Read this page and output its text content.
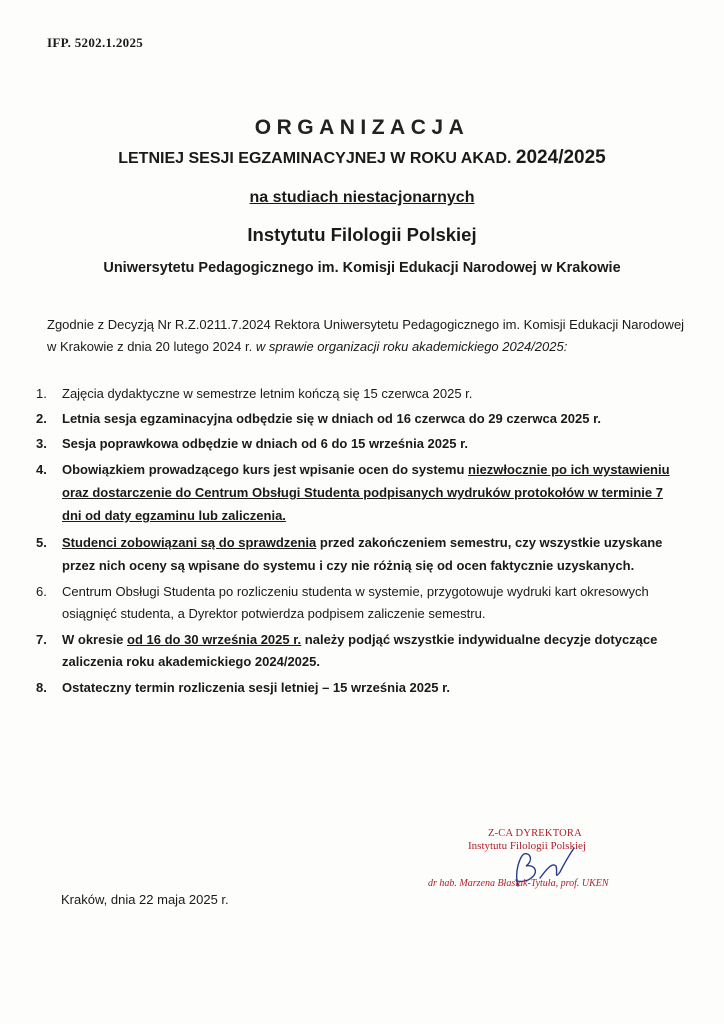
IFP. 5202.1.2025
ORGANIZACJA
LETNIEJ SESJI EGZAMINACYJNEJ W ROKU AKAD. 2024/2025
na studiach niestacjonarnych
Instytutu Filologii Polskiej
Uniwersytetu Pedagogicznego im. Komisji Edukacji Narodowej w Krakowie
Zgodnie z Decyzją Nr R.Z.0211.7.2024 Rektora Uniwersytetu Pedagogicznego im. Komisji Edukacji Narodowej w Krakowie z dnia 20 lutego 2024 r. w sprawie organizacji roku akademickiego 2024/2025:
1. Zajęcia dydaktyczne w semestrze letnim kończą się 15 czerwca 2025 r.
2. Letnia sesja egzaminacyjna odbędzie się w dniach od 16 czerwca do 29 czerwca 2025 r.
3. Sesja poprawkowa odbędzie w dniach od 6 do 15 września 2025 r.
4. Obowiązkiem prowadzącego kurs jest wpisanie ocen do systemu niezwłocznie po ich wystawieniu oraz dostarczenie do Centrum Obsługi Studenta podpisanych wydruków protokołów w terminie 7 dni od daty egzaminu lub zaliczenia.
5. Studenci zobowiązani są do sprawdzenia przed zakończeniem semestru, czy wszystkie uzyskane przez nich oceny są wpisane do systemu i czy nie różnią się od ocen faktycznie uzyskanych.
6. Centrum Obsługi Studenta po rozliczeniu studenta w systemie, przygotowuje wydruki kart okresowych osiągnięć studenta, a Dyrektor potwierdza podpisem zaliczenie semestru.
7. W okresie od 16 do 30 września 2025 r. należy podjąć wszystkie indywidualne decyzje dotyczące zaliczenia roku akademickiego 2024/2025.
8. Ostateczny termin rozliczenia sesji letniej – 15 września 2025 r.
Z-CA DYREKTORA
Instytutu Filologii Polskiej
dr hab. Marzena Błasiak-Tytuła, prof. UKEN
Kraków, dnia 22 maja 2025 r.
